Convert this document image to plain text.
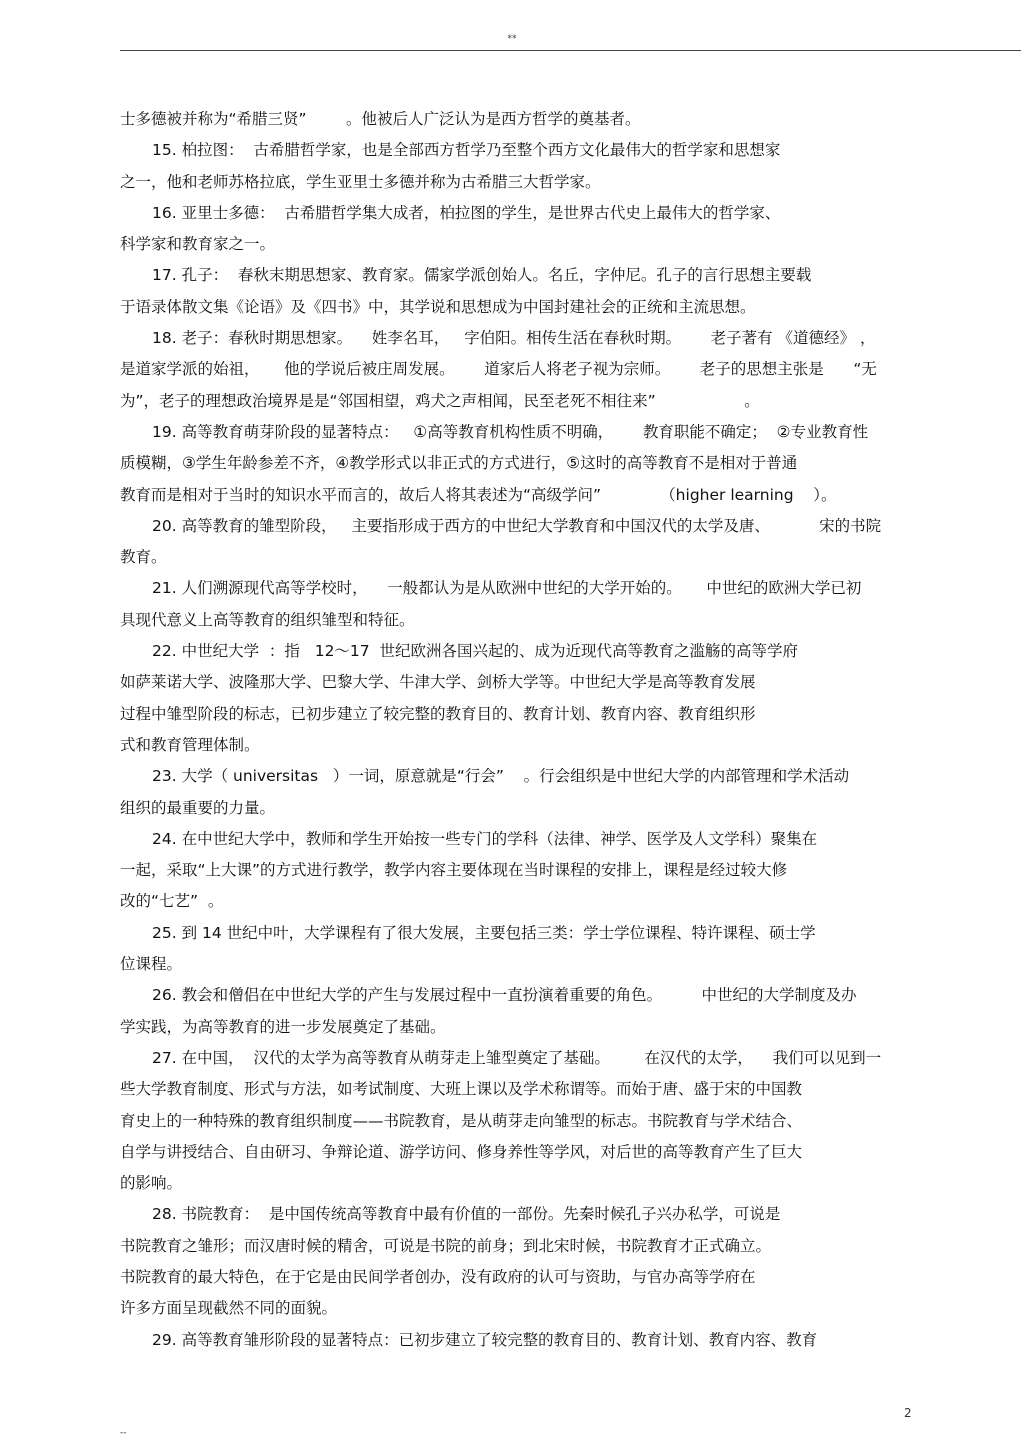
**
士多德被并称为“希腊三贤”        。他被后人广泛认为是西方哲学的奠基者。
15. 柏拉图：  古希腊哲学家，也是全部西方哲学乃至整个西方文化最伟大的哲学家和思想家
之一，他和老师苏格拉底，学生亚里士多德并称为古希腊三大哲学家。
16. 亚里士多德：  古希腊哲学集大成者，柏拉图的学生，是世界古代史上最伟大的哲学家、
科学家和教育家之一。
17. 孔子：  春秋末期思想家、教育家。儒家学派创始人。名丘，字仲尼。孔子的言行思想主要载
于语录体散文集《论语》及《四书》中，其学说和思想成为中国封建社会的正统和主流思想。
18. 老子：春秋时期思想家。    姓李名耳，   字伯阳。相传生活在春秋时期。      老子著有 《道德经》 ，
是道家学派的始祖，     他的学说后被庄周发展。      道家后人将老子视为宗师。      老子的思想主张是      “无
为”，老子的理想政治境界是是“邻国相望，鸡犬之声相闻，民至老死不相往来”                  。
19. 高等教育萌芽阶段的显著特点：   ①高等教育机构性质不明确，      教育职能不确定；  ②专业教育性
质模糊，③学生年龄参差不齐，④教学形式以非正式的方式进行，⑤这时的高等教育不是相对于普通
教育而是相对于当时的知识水平而言的，故后人将其表述为“高级学问”            （higher learning    ）。
20. 高等教育的雏型阶段，   主要指形成于西方的中世纪大学教育和中国汉代的太学及唐、          宋的书院
教育。
21. 人们溯源现代高等学校时，    一般都认为是从欧洲中世纪的大学开始的。     中世纪的欧洲大学已初
具现代意义上高等教育的组织雏型和特征。
22. 中世纪大学  ：指   12～17  世纪欧洲各国兴起的、成为近现代高等教育之滥觞的高等学府
如萨莱诺大学、波隆那大学、巴黎大学、牛津大学、剑桥大学等。中世纪大学是高等教育发展
过程中雏型阶段的标志，已初步建立了较完整的教育目的、教育计划、教育内容、教育组织形
式和教育管理体制。
23. 大学（ universitas   ）一词，原意就是“行会”    。行会组织是中世纪大学的内部管理和学术活动
组织的最重要的力量。
24. 在中世纪大学中，教师和学生开始按一些专门的学科（法律、神学、医学及人文学科）聚集在
一起，采取“上大课”的方式进行教学，教学内容主要体现在当时课程的安排上，课程是经过较大修
改的“七艺”  。
25. 到 14 世纪中叶，大学课程有了很大发展，主要包括三类：学士学位课程、特许课程、硕士学
位课程。
26. 教会和僧侣在中世纪大学的产生与发展过程中一直扮演着重要的角色。        中世纪的大学制度及办
学实践，为高等教育的进一步发展奠定了基础。
27. 在中国，  汉代的太学为高等教育从萌芽走上雏型奠定了基础。       在汉代的太学，    我们可以见到一
些大学教育制度、形式与方法，如考试制度、大班上课以及学术称谓等。而始于唐、盛于宋的中国教
育史上的一种特殊的教育组织制度——书院教育，是从萌芽走向雏型的标志。书院教育与学术结合、
自学与讲授结合、自由研习、争辩论道、游学访问、修身养性等学风，对后世的高等教育产生了巨大
的影响。
28. 书院教育：  是中国传统高等教育中最有价值的一部份。先秦时候孔子兴办私学，可说是
书院教育之雏形；而汉唐时候的精舍，可说是书院的前身；到北宋时候，书院教育才正式确立。
书院教育的最大特色，在于它是由民间学者创办，没有政府的认可与资助，与官办高等学府在
许多方面呈现截然不同的面貌。
29. 高等教育雏形阶段的显著特点：已初步建立了较完整的教育目的、教育计划、教育内容、教育
2
--
